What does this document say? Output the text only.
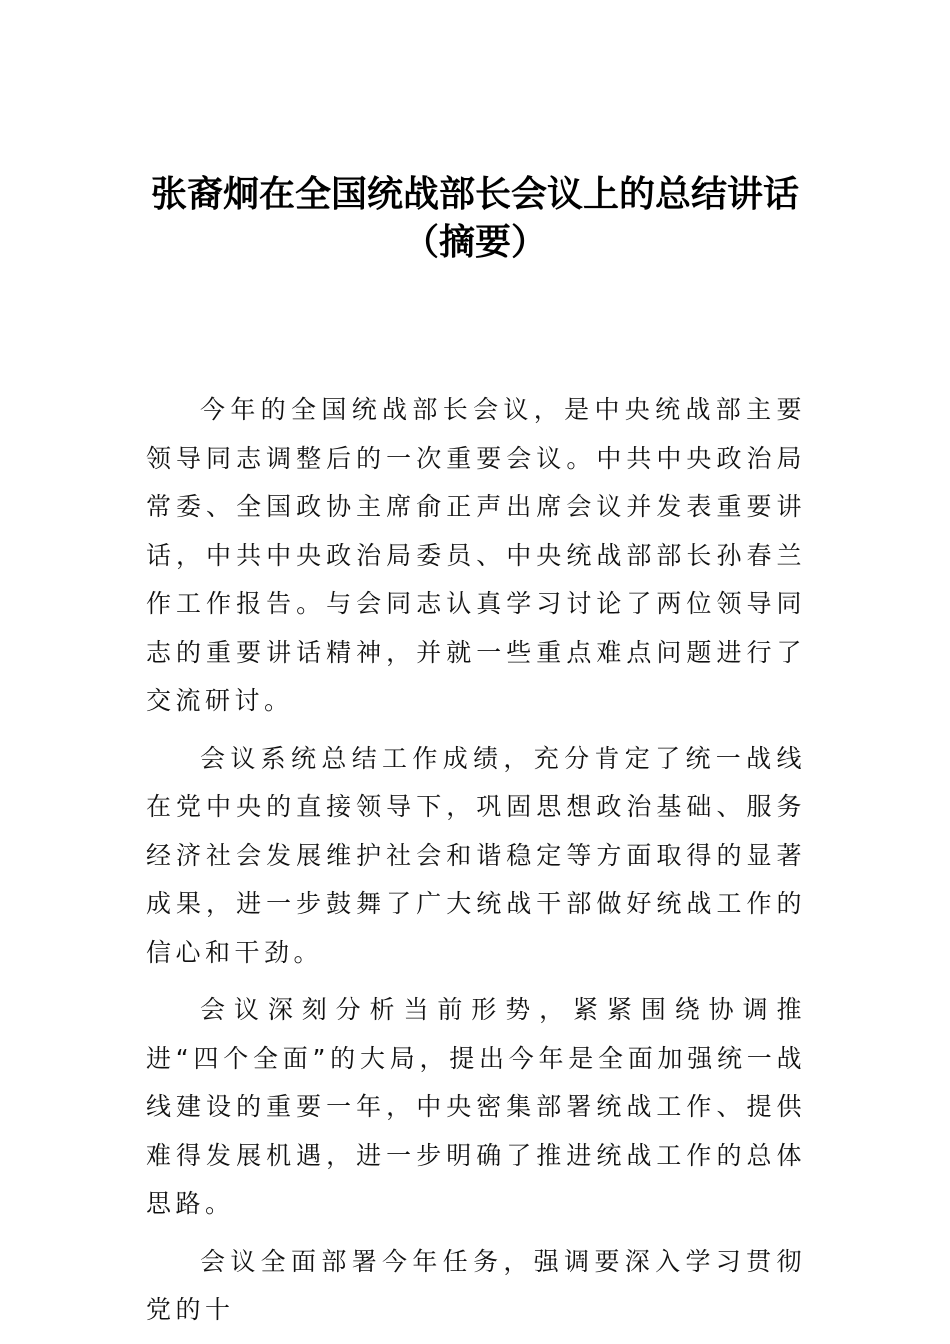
张裔炯在全国统战部长会议上的总结讲话
（摘要）

今年的全国统战部长会议，是中央统战部主要领导同志调整后的一次重要会议。中共中央政治局常委、全国政协主席俞正声出席会议并发表重要讲话，中共中央政治局委员、中央统战部部长孙春兰作工作报告。与会同志认真学习讨论了两位领导同志的重要讲话精神，并就一些重点难点问题进行了交流研讨。

会议系统总结工作成绩，充分肯定了统一战线在党中央的直接领导下，巩固思想政治基础、服务经济社会发展维护社会和谐稳定等方面取得的显著成果，进一步鼓舞了广大统战干部做好统战工作的信心和干劲。

会议深刻分析当前形势，紧紧围绕协调推进“四个全面”的大局，提出今年是全面加强统一战线建设的重要一年，中央密集部署统战工作、提供难得发展机遇，进一步明确了推进统战工作的总体思路。

会议全面部署今年任务，强调要深入学习贯彻党的十
